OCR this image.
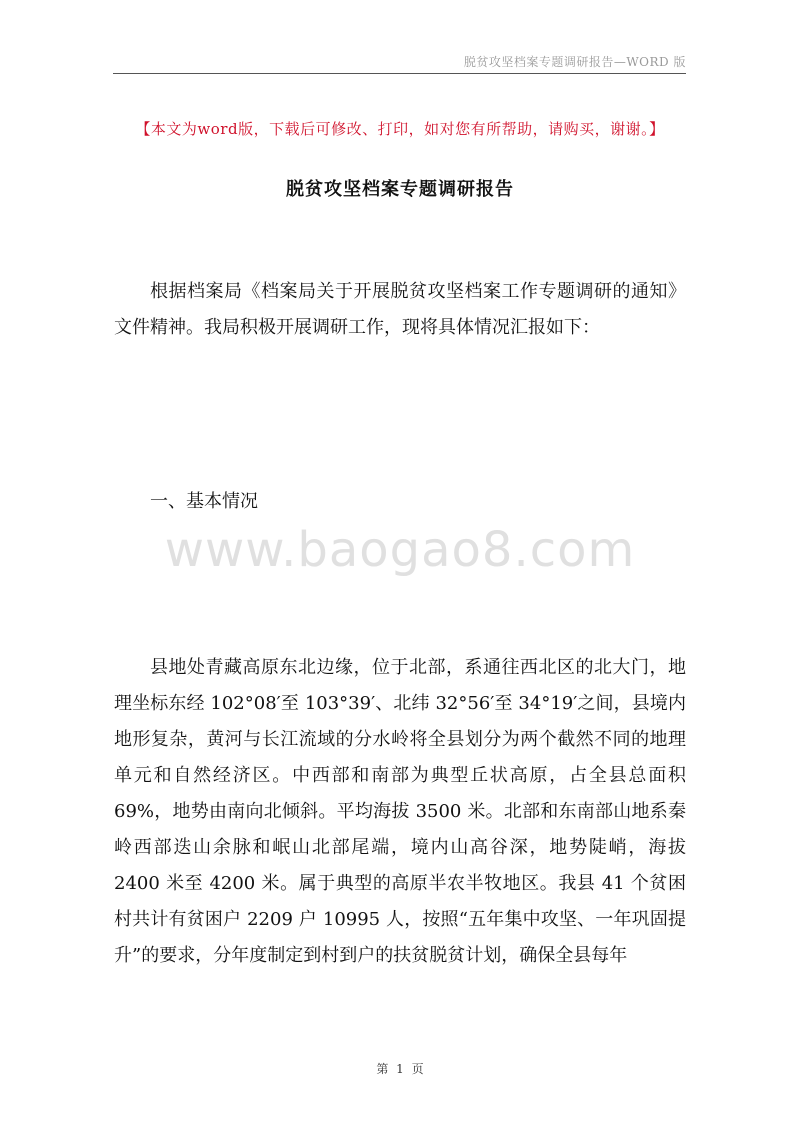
脱贫攻坚档案专题调研报告—WORD 版
【本文为word版，下载后可修改、打印，如对您有所帮助，请购买，谢谢。】
脱贫攻坚档案专题调研报告

根据档案局《档案局关于开展脱贫攻坚档案工作专题调研的通知》文件精神。我局积极开展调研工作，现将具体情况汇报如下：

一、基本情况

www.baogao8.com

县地处青藏高原东北边缘，位于北部，系通往西北区的北大门，地理坐标东经 102°08′至 103°39′、北纬 32°56′至 34°19′之间，县境内地形复杂，黄河与长江流域的分水岭将全县划分为两个截然不同的地理单元和自然经济区。中西部和南部为典型丘状高原，占全县总面积 69%，地势由南向北倾斜。平均海拔 3500 米。北部和东南部山地系秦岭西部迭山余脉和岷山北部尾端，境内山高谷深，地势陡峭，海拔 2400 米至 4200 米。属于典型的高原半农半牧地区。我县 41 个贫困村共计有贫困户 2209 户 10995 人，按照“五年集中攻坚、一年巩固提升”的要求，分年度制定到村到户的扶贫脱贫计划，确保全县每年

第 1 页
